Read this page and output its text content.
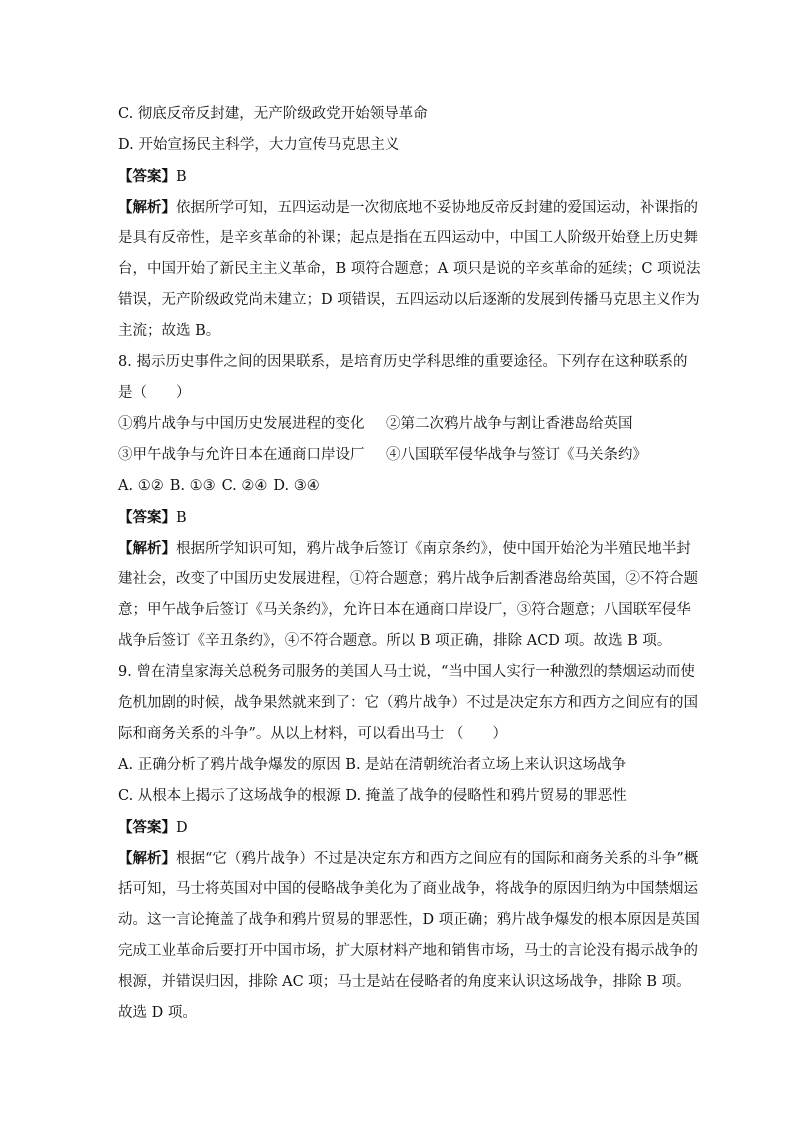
C. 彻底反帝反封建，无产阶级政党开始领导革命
D. 开始宣扬民主科学，大力宣传马克思主义
【答案】B
【解析】依据所学可知，五四运动是一次彻底地不妥协地反帝反封建的爱国运动，补课指的
是具有反帝性，是辛亥革命的补课；起点是指在五四运动中，中国工人阶级开始登上历史舞
台，中国开始了新民主主义革命，B 项符合题意；A 项只是说的辛亥革命的延续；C 项说法
错误，无产阶级政党尚未建立；D 项错误，五四运动以后逐渐的发展到传播马克思主义作为
主流；故选 B。
8. 揭示历史事件之间的因果联系，是培育历史学科思维的重要途径。下列存在这种联系的
是（　　）
①鸦片战争与中国历史发展进程的变化	②第二次鸦片战争与割让香港岛给英国
③甲午战争与允许日本在通商口岸设厂	④八国联军侵华战争与签订《马关条约》
A. ①② B. ①③ C. ②④ D. ③④
【答案】B
【解析】根据所学知识可知，鸦片战争后签订《南京条约》，使中国开始沦为半殖民地半封
建社会，改变了中国历史发展进程，①符合题意；鸦片战争后割香港岛给英国，②不符合题
意；甲午战争后签订《马关条约》，允许日本在通商口岸设厂，③符合题意；八国联军侵华
战争后签订《辛丑条约》，④不符合题意。所以 B 项正确，排除 ACD 项。故选 B 项。
9. 曾在清皇家海关总税务司服务的美国人马士说，“当中国人实行一种激烈的禁烟运动而使
危机加剧的时候，战争果然就来到了：它（鸦片战争）不过是决定东方和西方之间应有的国
际和商务关系的斗争”。从以上材料，可以看出马士 （　　）
A. 正确分析了鸦片战争爆发的原因 B. 是站在清朝统治者立场上来认识这场战争
C. 从根本上揭示了这场战争的根源 D. 掩盖了战争的侵略性和鸦片贸易的罪恶性
【答案】D
【解析】根据“它（鸦片战争）不过是决定东方和西方之间应有的国际和商务关系的斗争”概
括可知，马士将英国对中国的侵略战争美化为了商业战争，将战争的原因归纳为中国禁烟运
动。这一言论掩盖了战争和鸦片贸易的罪恶性，D 项正确；鸦片战争爆发的根本原因是英国
完成工业革命后要打开中国市场，扩大原材料产地和销售市场，马士的言论没有揭示战争的
根源，并错误归因，排除 AC 项；马士是站在侵略者的角度来认识这场战争，排除 B 项。
故选 D 项。
